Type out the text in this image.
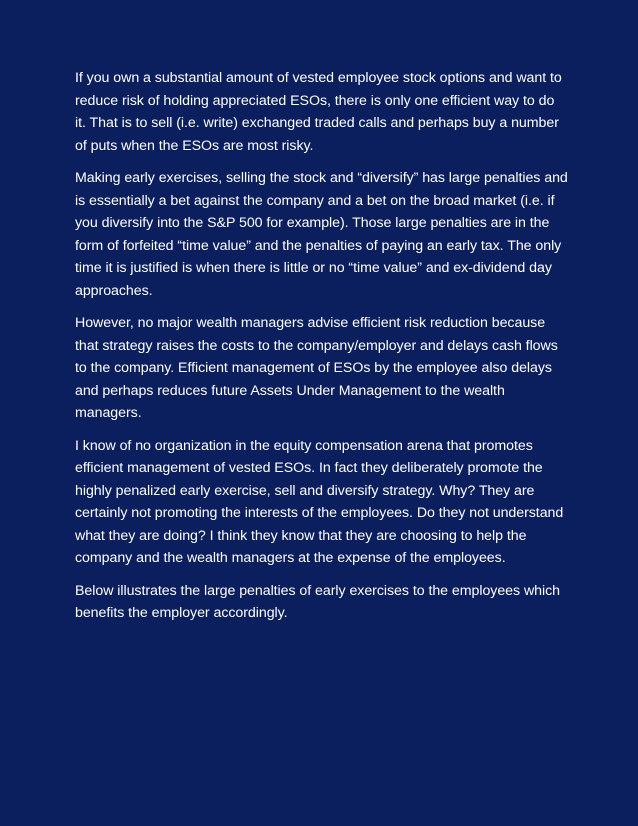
If you own a substantial amount of vested employee stock options and want to reduce risk of holding appreciated ESOs, there is only one efficient way to do it. That is to sell (i.e. write) exchanged traded calls and perhaps buy a number of puts when the ESOs are most risky.

Making early exercises, selling the stock and “diversify” has large penalties and is essentially a bet against the company and a bet on the broad market (i.e. if you diversify into the S&P 500 for example). Those large penalties are in the form of forfeited “time value” and the penalties of paying an early tax. The only time it is justified is when there is little or no “time value” and ex-dividend day approaches.

However, no major wealth managers advise efficient risk reduction because that strategy raises the costs to the company/employer and delays cash flows to the company. Efficient management of ESOs by the employee also delays and perhaps reduces future Assets Under Management to the wealth managers.

I know of no organization in the equity compensation arena that promotes efficient management of vested ESOs. In fact they deliberately promote the highly penalized early exercise, sell and diversify strategy. Why? They are certainly not promoting the interests of the employees. Do they not understand what they are doing? I think they know that they are choosing to help the company and the wealth managers at the expense of the employees.

Below illustrates the large penalties of early exercises to the employees which benefits the employer accordingly.
